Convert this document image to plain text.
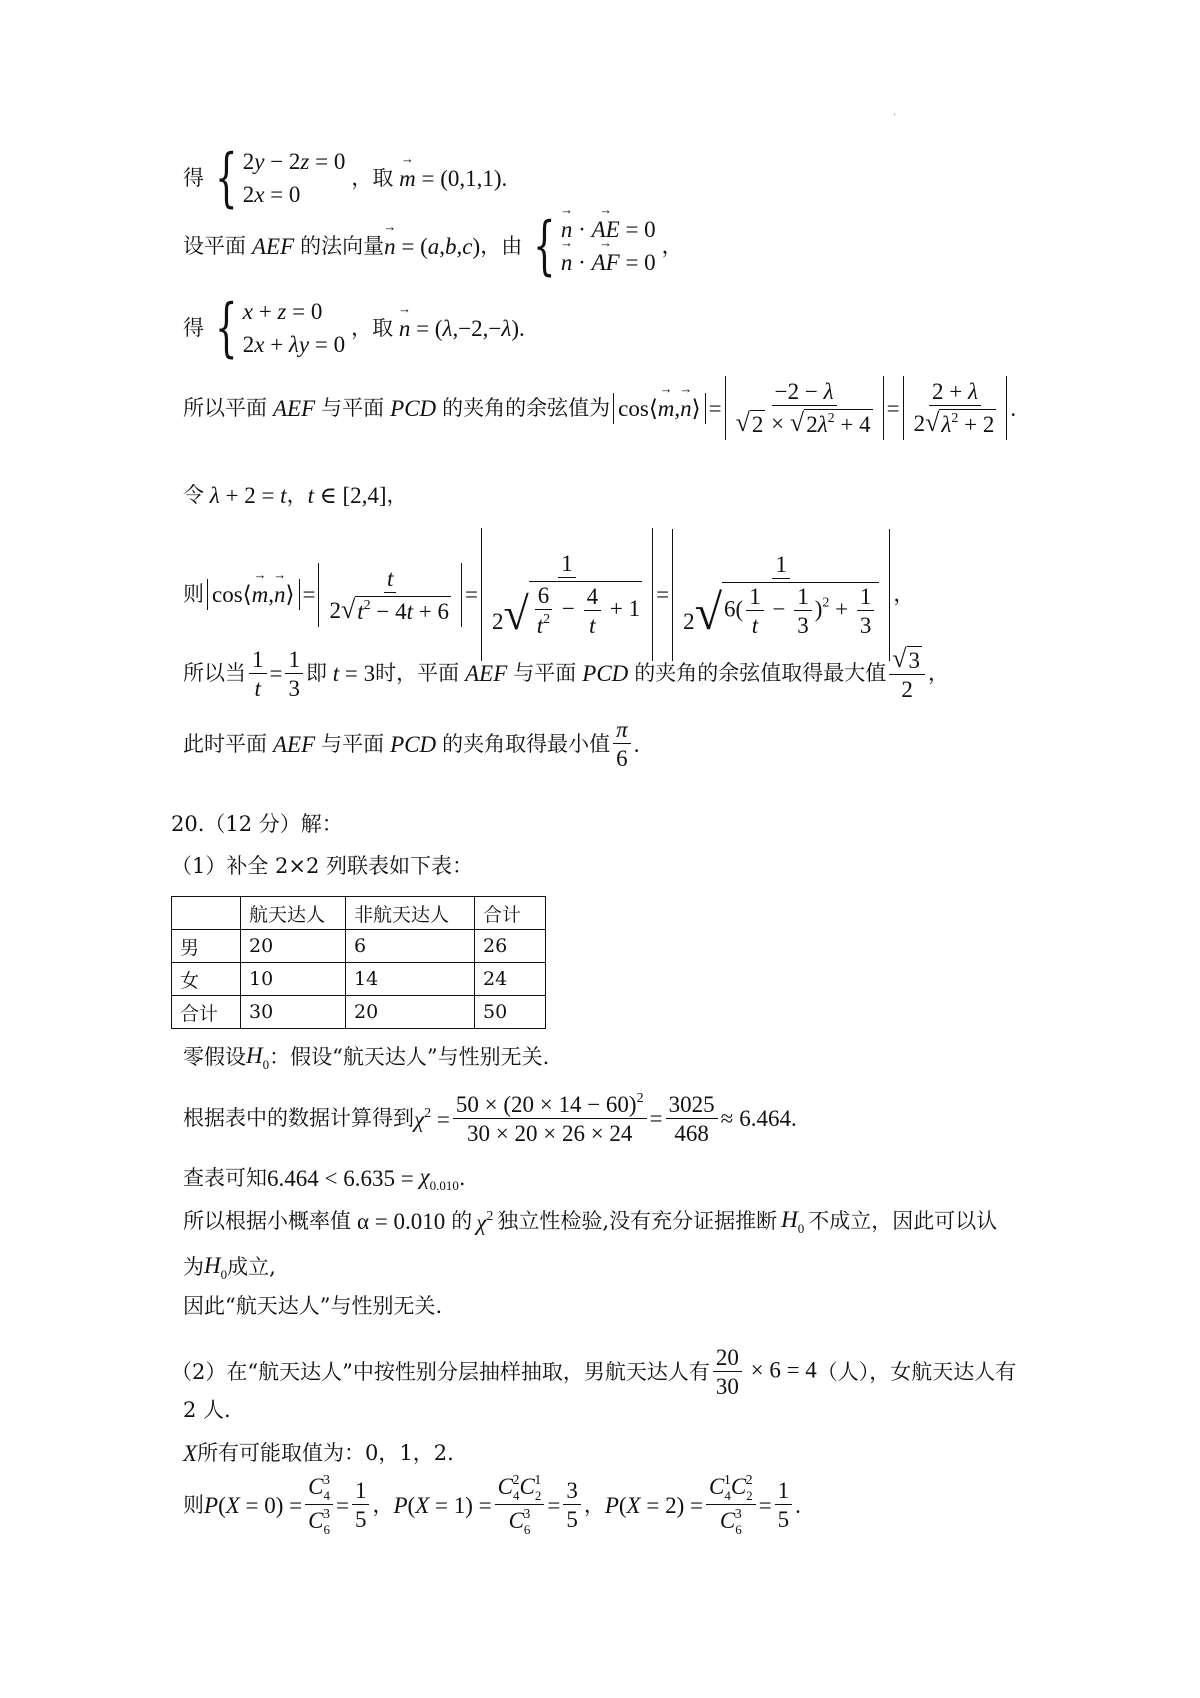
·
得 { 2y − 2z = 0
2x = 0
， 取 → m = (0,1,1) .
设平面 AEF 的法向量 → n = (a,b,c) ， 由 { → n · → AE = 0
→ n · → AF = 0
，
得 { x + z = 0
2x + λy = 0
， 取 → n = (λ,−2,−λ) .
所以平面 AEF 与平面 PCD 的夹角的余弦值为 cos⟨ → m , → n ⟩ = $\frac{-2 - \lambda}{√ 2 \times √ 2\lambda^2 + 4} = \frac{2 + \lambda}{2 √ \lambda^2 + 2}$ .
令 λ + 2 = t ， t ∈ [2,4] ，
则 cos⟨ → m , → n ⟩ = $\frac{t}{2 √ t^2 - 4t + 6} = \frac{1}{2 √ \frac{6}{t^2} - \frac{4}{t} + 1} = \frac{1}{2 √ 6( \frac{1}{t} - \frac{1}{3} )^2 + \frac{1}{3}}$ ，
所以当 $\frac{1}{t} = \frac{1}{3}$ 即 t = 3 时，平面 AEF 与平面 PCD 的夹角的余弦值取得最大值 $\frac{√ 3}{2}$ ，
此时平面 AEF 与平面 PCD 的夹角取得最小值 $\frac{\pi}{6}$ .
20.（12 分）解：
（1）补全 2×2 列联表如下表：
	航天达人	非航天达人	合计
男	20	6	26
女	10	14	24
合计	30	20	50
零假设 $H_0$ ：假设“航天达人”与性别无关.
根据表中的数据计算得到 $\chi^2 = \frac{50 \times (20 \times 14 - 60)^2}{30 \times 20 \times 26 \times 24} = \frac{3025}{468} \approx 6.464$ .
查表可知 $6.464 < 6.635 = \chi_{0.010}$ .
所以根据小概率值 α = 0.010 的 $\chi^2$ 独立性检验,没有充分证据推断 $H_0$ 不成立，因此可以认
为 $H_0$ 成立,
因此“航天达人”与性别无关.
（2）在“航天达人”中按性别分层抽样抽取，男航天达人有 $\frac{20}{30} \times 6 = 4$ （人），女航天达人有
2 人.
X 所有可能取值为：0，1，2.
则 $P(X = 0) = \frac{C_4^3}{C_6^3} = \frac{1}{5}$ ， $P(X = 1) = \frac{C_4^2C_2^1}{C_6^3} = \frac{3}{5}$ ， $P(X = 2) = \frac{C_4^1C_2^2}{C_6^3} = \frac{1}{5}$ .
